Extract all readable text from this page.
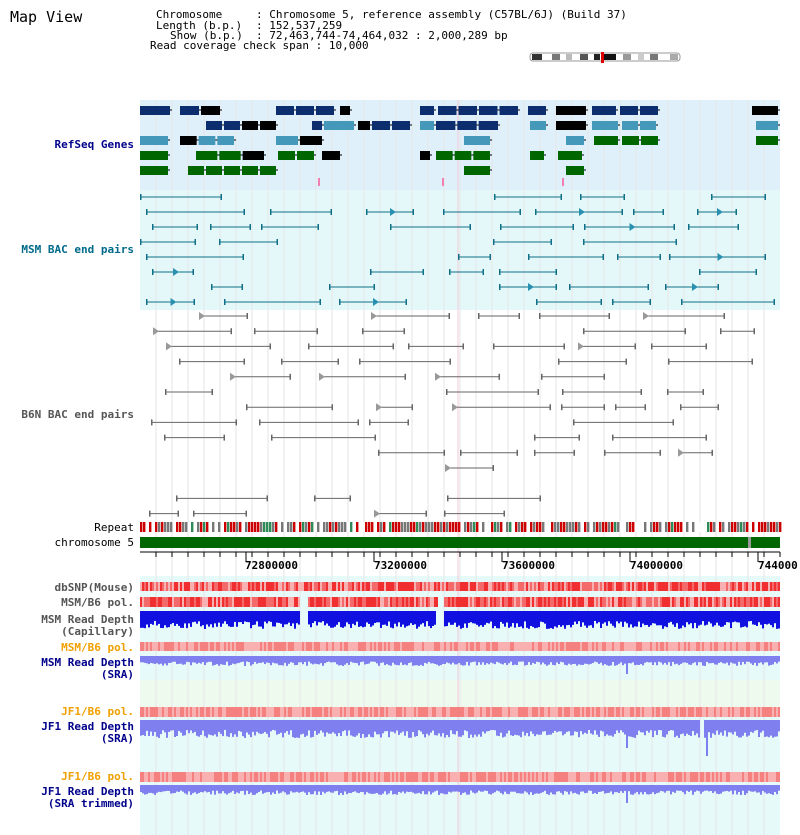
Map View

	Chromosome

	: Chromosome 5, reference assembly (C57BL/6J) (Build 37)

Length (b.p.)

: 152,537,259

Show (b.p.)

: 72,463,744-74,464,032 : 2,000,289 bp

Read coverage check span : 10,000

RefSeq Genes
MSM BAC end pairs
B6N BAC end pairs
Repeat
chromosome 5
dbSNP(Mouse)
MSM/B6 pol.
MSM Read Depth
(Capillary)
MSM/B6 pol.
MSM Read Depth
(SRA)
JF1/B6 pol.
JF1 Read Depth
(SRA)
JF1/B6 pol.
JF1 Read Depth
(SRA trimmed)
72800000	73200000	73600000	74000000	744000
